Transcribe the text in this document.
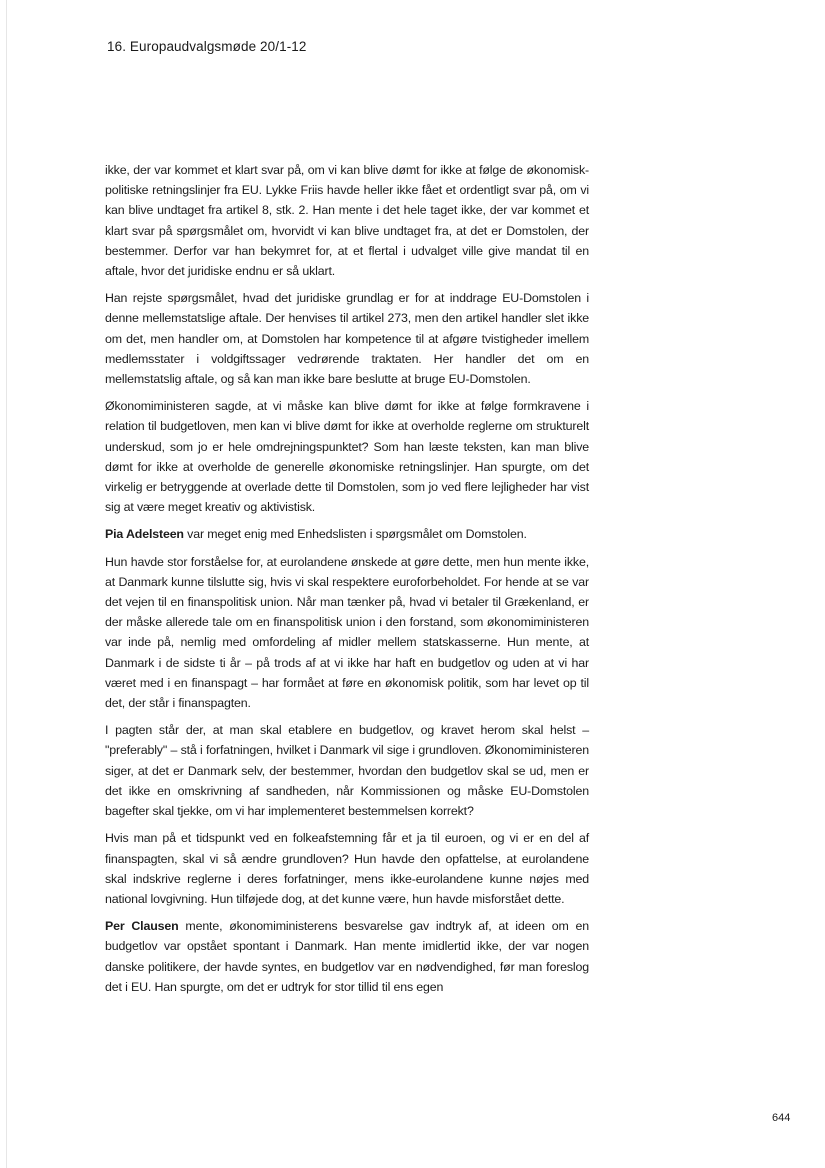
16. Europaudvalgsmøde 20/1-12

ikke, der var kommet et klart svar på, om vi kan blive dømt for ikke at følge de økonomisk-politiske retningslinjer fra EU. Lykke Friis havde heller ikke fået et ordentligt svar på, om vi kan blive undtaget fra artikel 8, stk. 2. Han mente i det hele taget ikke, der var kommet et klart svar på spørgsmålet om, hvorvidt vi kan blive undtaget fra, at det er Domstolen, der bestemmer. Derfor var han bekymret for, at et flertal i udvalget ville give mandat til en aftale, hvor det juridiske endnu er så uklart.

Han rejste spørgsmålet, hvad det juridiske grundlag er for at inddrage EU-Domstolen i denne mellemstatslige aftale. Der henvises til artikel 273, men den artikel handler slet ikke om det, men handler om, at Domstolen har kompetence til at afgøre tvistigheder imellem medlemsstater i voldgiftssager vedrørende traktaten. Her handler det om en mellemstatslig aftale, og så kan man ikke bare beslutte at bruge EU-Domstolen.

Økonomiministeren sagde, at vi måske kan blive dømt for ikke at følge formkravene i relation til budgetloven, men kan vi blive dømt for ikke at overholde reglerne om strukturelt underskud, som jo er hele omdrejningspunktet? Som han læste teksten, kan man blive dømt for ikke at overholde de generelle økonomiske retningslinjer. Han spurgte, om det virkelig er betryggende at overlade dette til Domstolen, som jo ved flere lejligheder har vist sig at være meget kreativ og aktivistisk.

Pia Adelsteen var meget enig med Enhedslisten i spørgsmålet om Domstolen.

Hun havde stor forståelse for, at eurolandene ønskede at gøre dette, men hun mente ikke, at Danmark kunne tilslutte sig, hvis vi skal respektere euroforbeholdet. For hende at se var det vejen til en finanspolitisk union. Når man tænker på, hvad vi betaler til Grækenland, er der måske allerede tale om en finanspolitisk union i den forstand, som økonomiministeren var inde på, nemlig med omfordeling af midler mellem statskasserne. Hun mente, at Danmark i de sidste ti år – på trods af at vi ikke har haft en budgetlov og uden at vi har været med i en finanspagt – har formået at føre en økonomisk politik, som har levet op til det, der står i finanspagten.

I pagten står der, at man skal etablere en budgetlov, og kravet herom skal helst – "preferably" – stå i forfatningen, hvilket i Danmark vil sige i grundloven. Økonomiministeren siger, at det er Danmark selv, der bestemmer, hvordan den budgetlov skal se ud, men er det ikke en omskrivning af sandheden, når Kommissionen og måske EU-Domstolen bagefter skal tjekke, om vi har implementeret bestemmelsen korrekt?

Hvis man på et tidspunkt ved en folkeafstemning får et ja til euroen, og vi er en del af finanspagten, skal vi så ændre grundloven? Hun havde den opfattelse, at eurolandene skal indskrive reglerne i deres forfatninger, mens ikke-eurolandene kunne nøjes med national lovgivning. Hun tilføjede dog, at det kunne være, hun havde misforstået dette.

Per Clausen mente, økonomiministerens besvarelse gav indtryk af, at ideen om en budgetlov var opstået spontant i Danmark. Han mente imidlertid ikke, der var nogen danske politikere, der havde syntes, en budgetlov var en nødvendighed, før man foreslog det i EU. Han spurgte, om det er udtryk for stor tillid til ens egen

644
